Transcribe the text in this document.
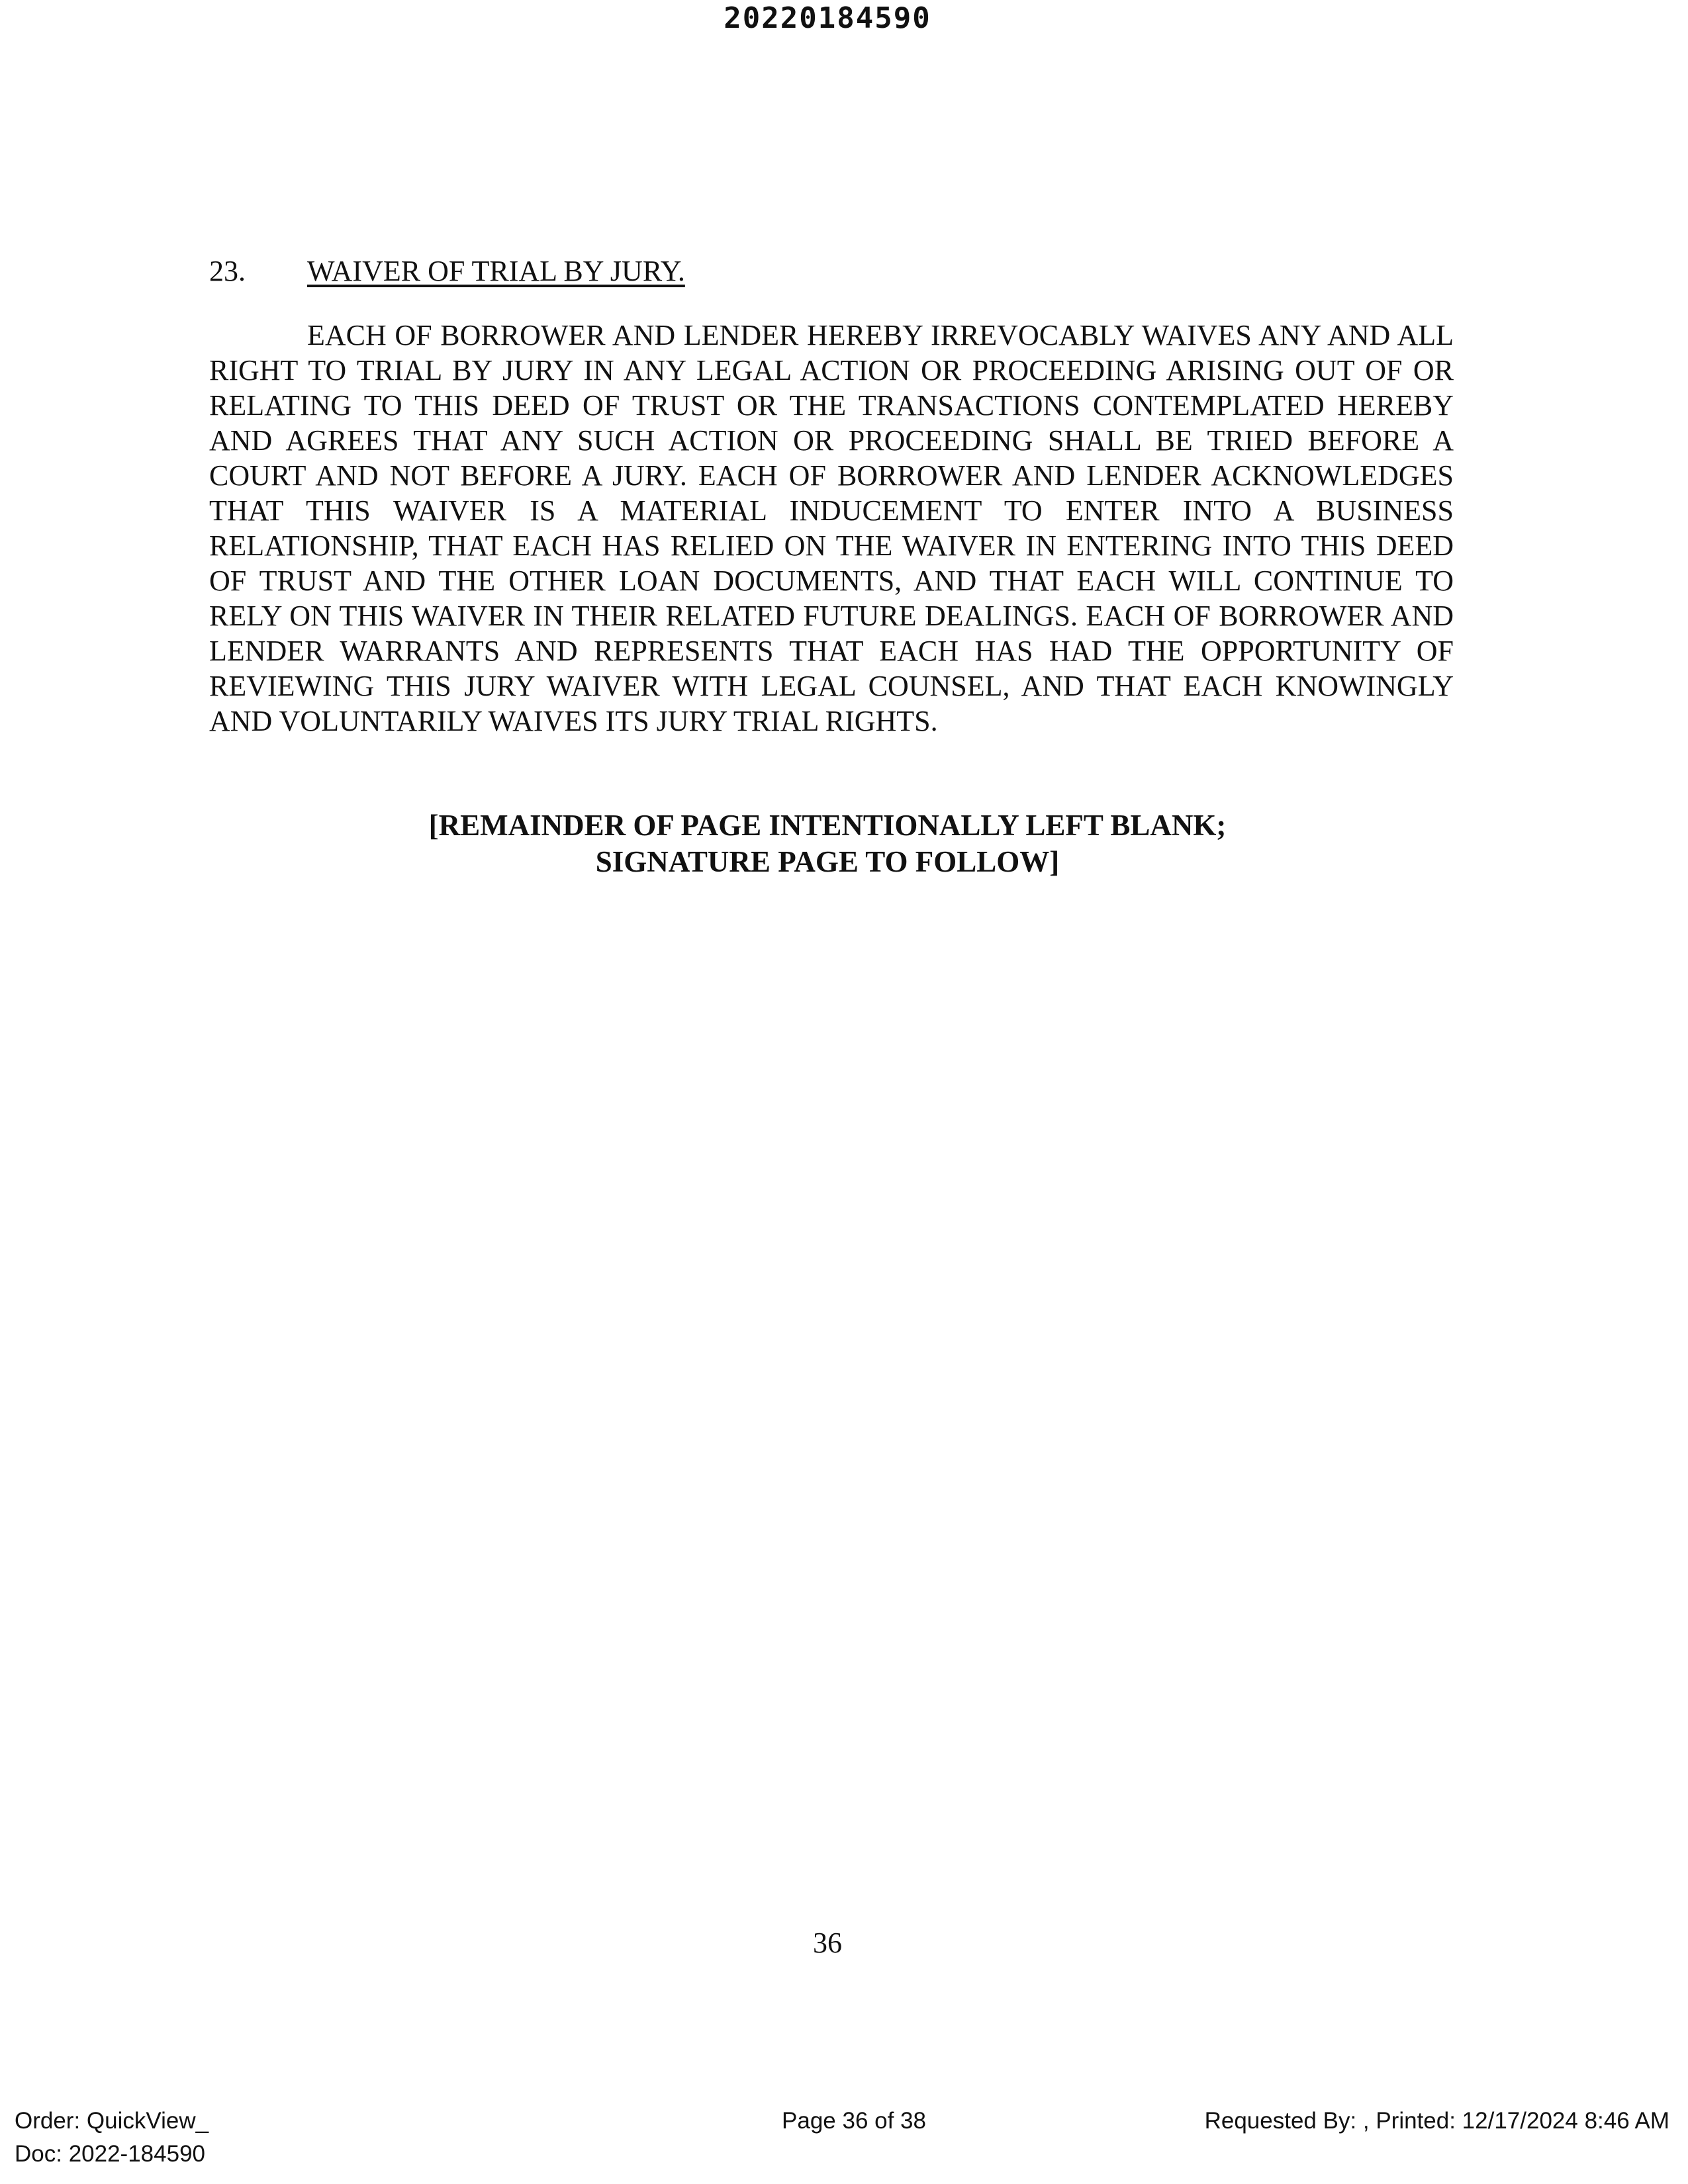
20220184590
23. WAIVER OF TRIAL BY JURY.

EACH OF BORROWER AND LENDER HEREBY IRREVOCABLY WAIVES ANY AND ALL RIGHT TO TRIAL BY JURY IN ANY LEGAL ACTION OR PROCEEDING ARISING OUT OF OR RELATING TO THIS DEED OF TRUST OR THE TRANSACTIONS CONTEMPLATED HEREBY AND AGREES THAT ANY SUCH ACTION OR PROCEEDING SHALL BE TRIED BEFORE A COURT AND NOT BEFORE A JURY. EACH OF BORROWER AND LENDER ACKNOWLEDGES THAT THIS WAIVER IS A MATERIAL INDUCEMENT TO ENTER INTO A BUSINESS RELATIONSHIP, THAT EACH HAS RELIED ON THE WAIVER IN ENTERING INTO THIS DEED OF TRUST AND THE OTHER LOAN DOCUMENTS, AND THAT EACH WILL CONTINUE TO RELY ON THIS WAIVER IN THEIR RELATED FUTURE DEALINGS. EACH OF BORROWER AND LENDER WARRANTS AND REPRESENTS THAT EACH HAS HAD THE OPPORTUNITY OF REVIEWING THIS JURY WAIVER WITH LEGAL COUNSEL, AND THAT EACH KNOWINGLY AND VOLUNTARILY WAIVES ITS JURY TRIAL RIGHTS.

[REMAINDER OF PAGE INTENTIONALLY LEFT BLANK;
SIGNATURE PAGE TO FOLLOW]
36
Order: QuickView_
Doc: 2022-184590
Page 36 of 38	Requested By: , Printed: 12/17/2024 8:46 AM
